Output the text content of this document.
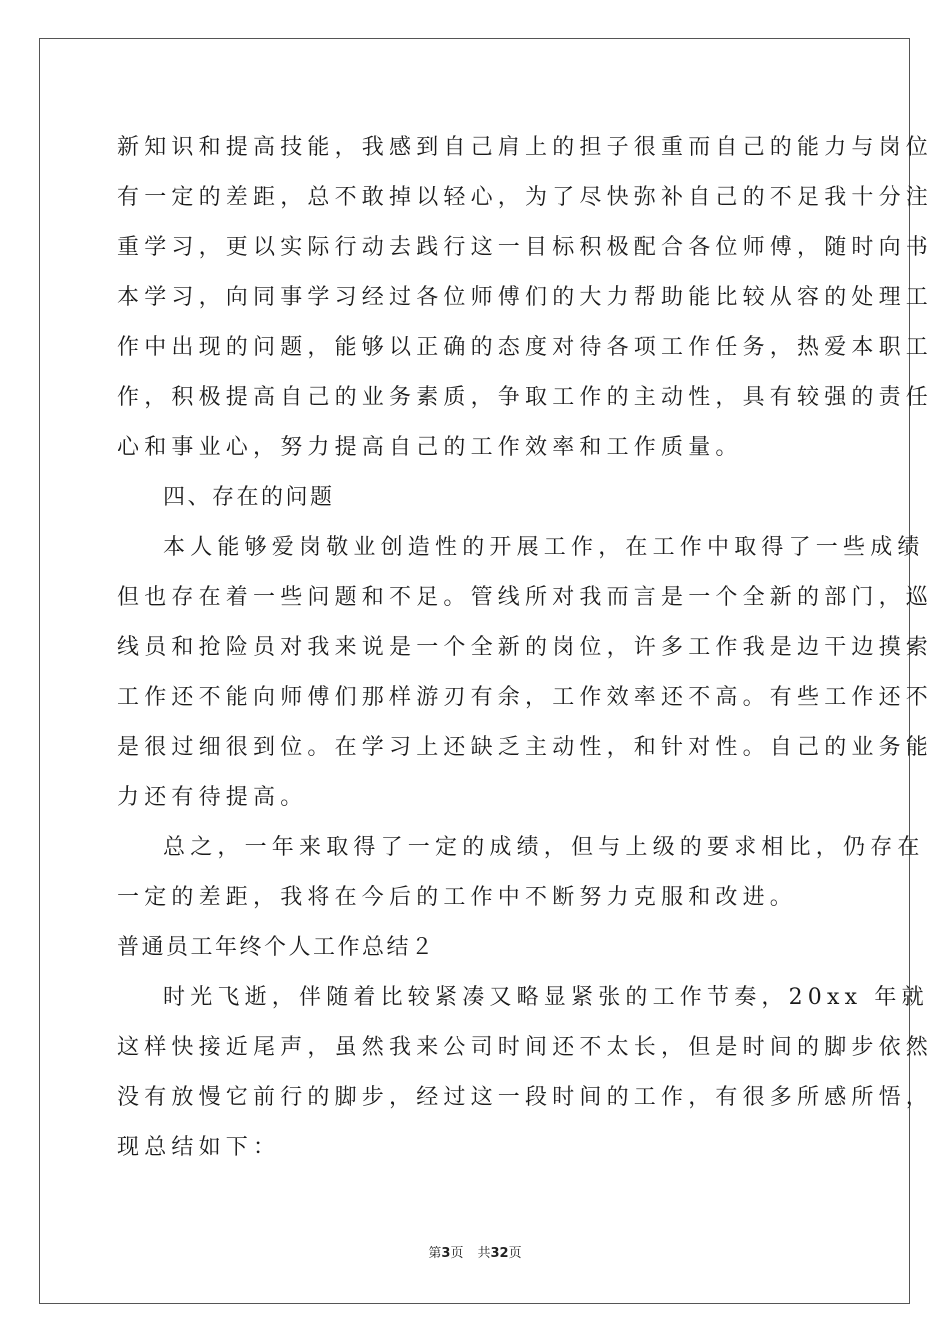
新知识和提高技能，我感到自己肩上的担子很重而自己的能力与岗位
有一定的差距，总不敢掉以轻心，为了尽快弥补自己的不足我十分注
重学习，更以实际行动去践行这一目标积极配合各位师傅，随时向书
本学习，向同事学习经过各位师傅们的大力帮助能比较从容的处理工
作中出现的问题，能够以正确的态度对待各项工作任务，热爱本职工
作，积极提高自己的业务素质，争取工作的主动性，具有较强的责任
心和事业心，努力提高自己的工作效率和工作质量。
四、存在的问题
本人能够爱岗敬业创造性的开展工作，在工作中取得了一些成绩
但也存在着一些问题和不足。管线所对我而言是一个全新的部门，巡
线员和抢险员对我来说是一个全新的岗位，许多工作我是边干边摸索
工作还不能向师傅们那样游刃有余，工作效率还不高。有些工作还不
是很过细很到位。在学习上还缺乏主动性，和针对性。自己的业务能
力还有待提高。
总之，一年来取得了一定的成绩，但与上级的要求相比，仍存在
一定的差距，我将在今后的工作中不断努力克服和改进。
普通员工年终个人工作总结２
时光飞逝，伴随着比较紧凑又略显紧张的工作节奏，20xx 年就
这样快接近尾声，虽然我来公司时间还不太长，但是时间的脚步依然
没有放慢它前行的脚步，经过这一段时间的工作，有很多所感所悟，
现总结如下：
第3页 共32页
